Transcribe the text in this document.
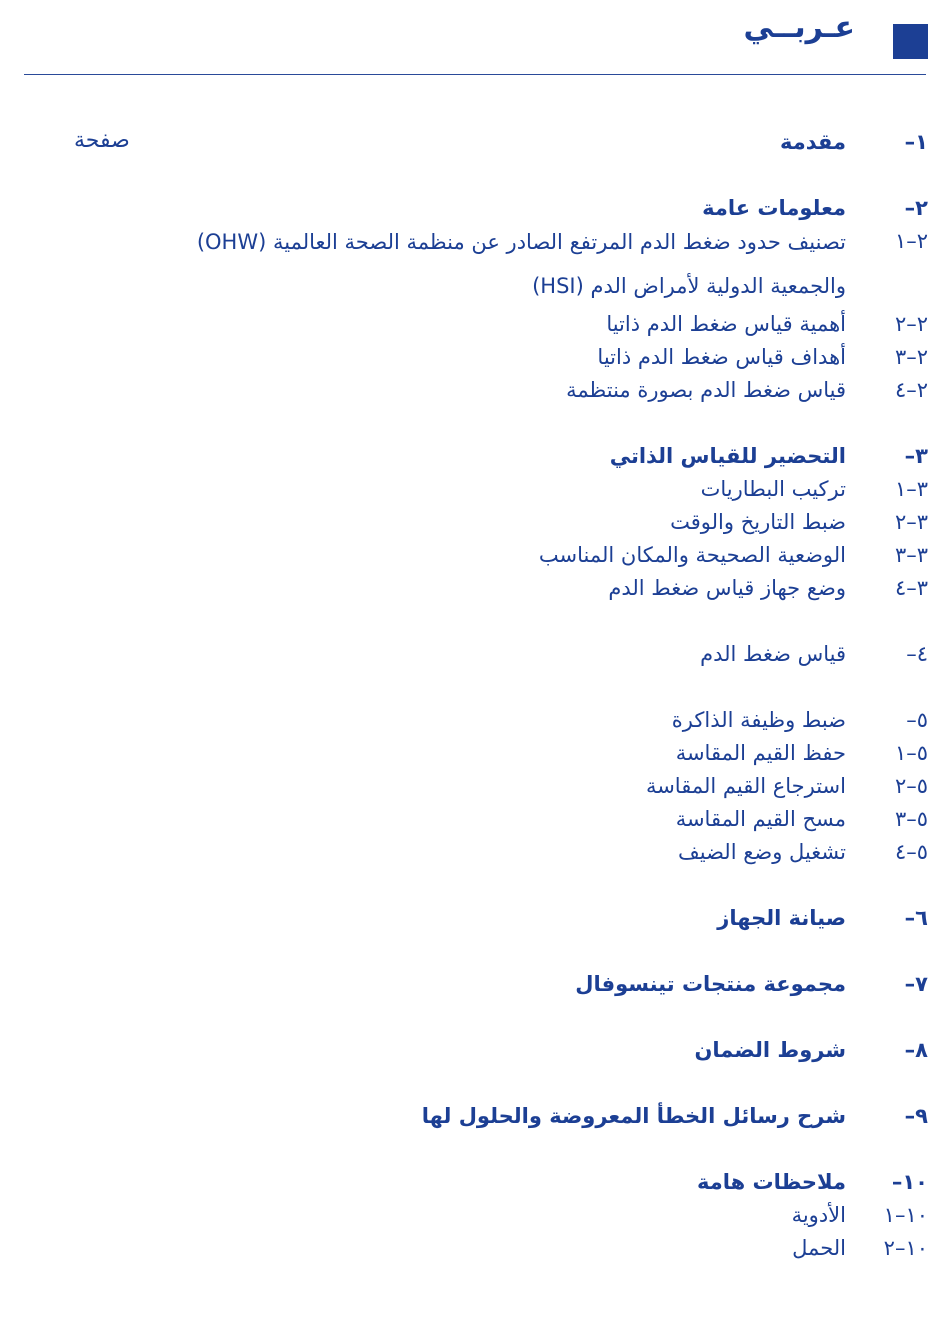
عـربــي
صفحة	١–
مقدمة
٢–
معلومات عامة
٢–١
تصنيف حدود ضغط الدم المرتفع الصادر عن منظمة الصحة العالمية (OHW) والجمعية الدولية لأمراض الدم (HSI)
٢–٢
أهمية قياس ضغط الدم ذاتيا
٢–٣
أهداف قياس ضغط الدم ذاتيا
٢–٤
قياس ضغط الدم بصورة منتظمة
٣–
التحضير للقياس الذاتي
٣–١
تركيب البطاريات
٣–٢
ضبط التاريخ والوقت
٣–٣
الوضعية الصحيحة والمكان المناسب
٣–٤
وضع جهاز قياس ضغط الدم
٤–
قياس ضغط الدم
٥–
ضبط وظيفة الذاكرة
٥–١
حفظ القيم المقاسة
٥–٢
استرجاع القيم المقاسة
٥–٣
مسح القيم المقاسة
٥–٤
تشغيل وضع الضيف
٦–
صيانة الجهاز
٧–
مجموعة منتجات تينسوفال
٨–
شروط الضمان
٩–
شرح رسائل الخطأ المعروضة والحلول لها
١٠–
ملاحظات هامة
١٠–١
الأدوية
١٠–٢
الحمل
